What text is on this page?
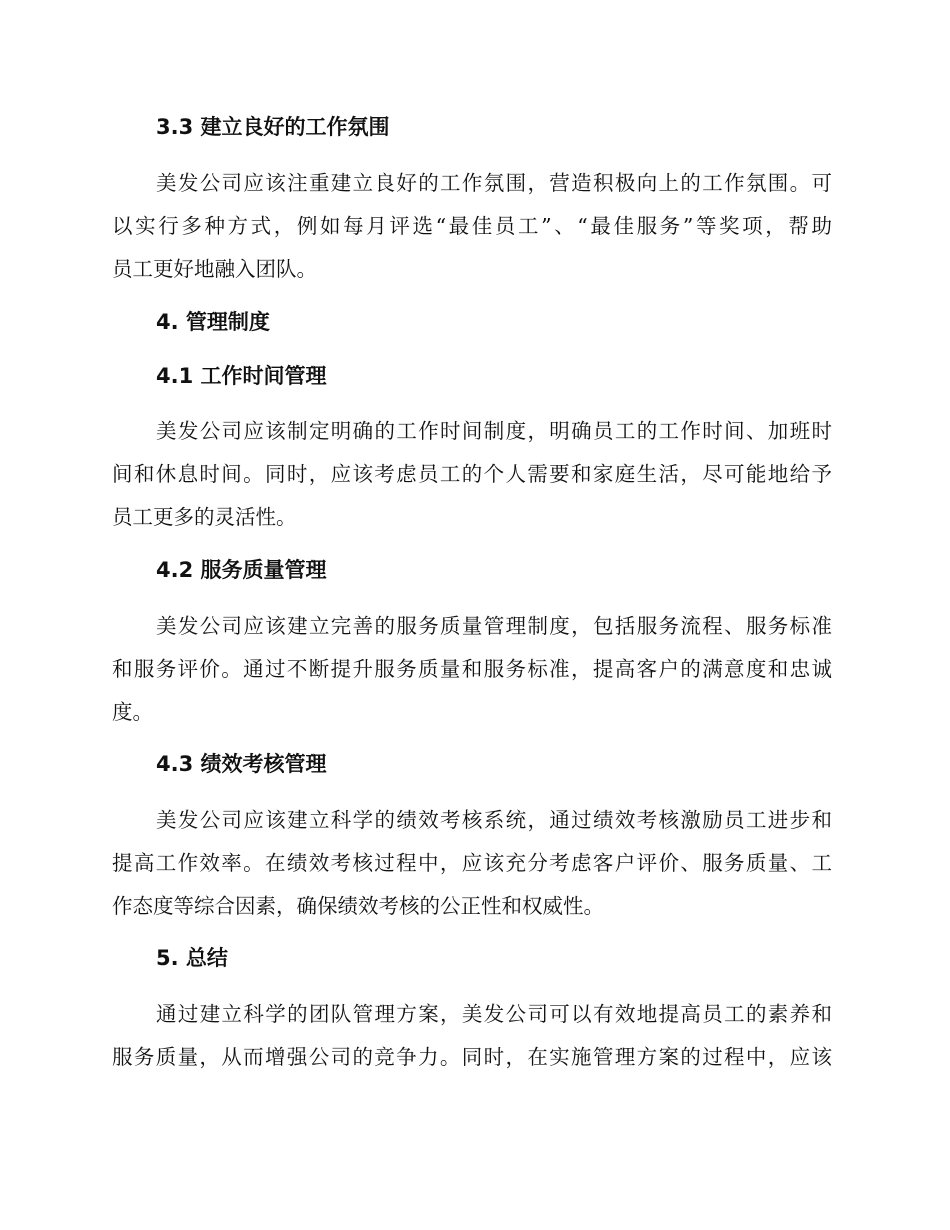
3.3 建立良好的工作氛围
美发公司应该注重建立良好的工作氛围，营造积极向上的工作氛围。可
以实行多种方式，例如每月评选“最佳员工”、“最佳服务”等奖项，帮助
员工更好地融入团队。
4. 管理制度
4.1 工作时间管理
美发公司应该制定明确的工作时间制度，明确员工的工作时间、加班时
间和休息时间。同时，应该考虑员工的个人需要和家庭生活，尽可能地给予
员工更多的灵活性。
4.2 服务质量管理
美发公司应该建立完善的服务质量管理制度，包括服务流程、服务标准
和服务评价。通过不断提升服务质量和服务标准，提高客户的满意度和忠诚
度。
4.3 绩效考核管理
美发公司应该建立科学的绩效考核系统，通过绩效考核激励员工进步和
提高工作效率。在绩效考核过程中，应该充分考虑客户评价、服务质量、工
作态度等综合因素，确保绩效考核的公正性和权威性。
5. 总结
通过建立科学的团队管理方案，美发公司可以有效地提高员工的素养和
服务质量，从而增强公司的竞争力。同时，在实施管理方案的过程中，应该
